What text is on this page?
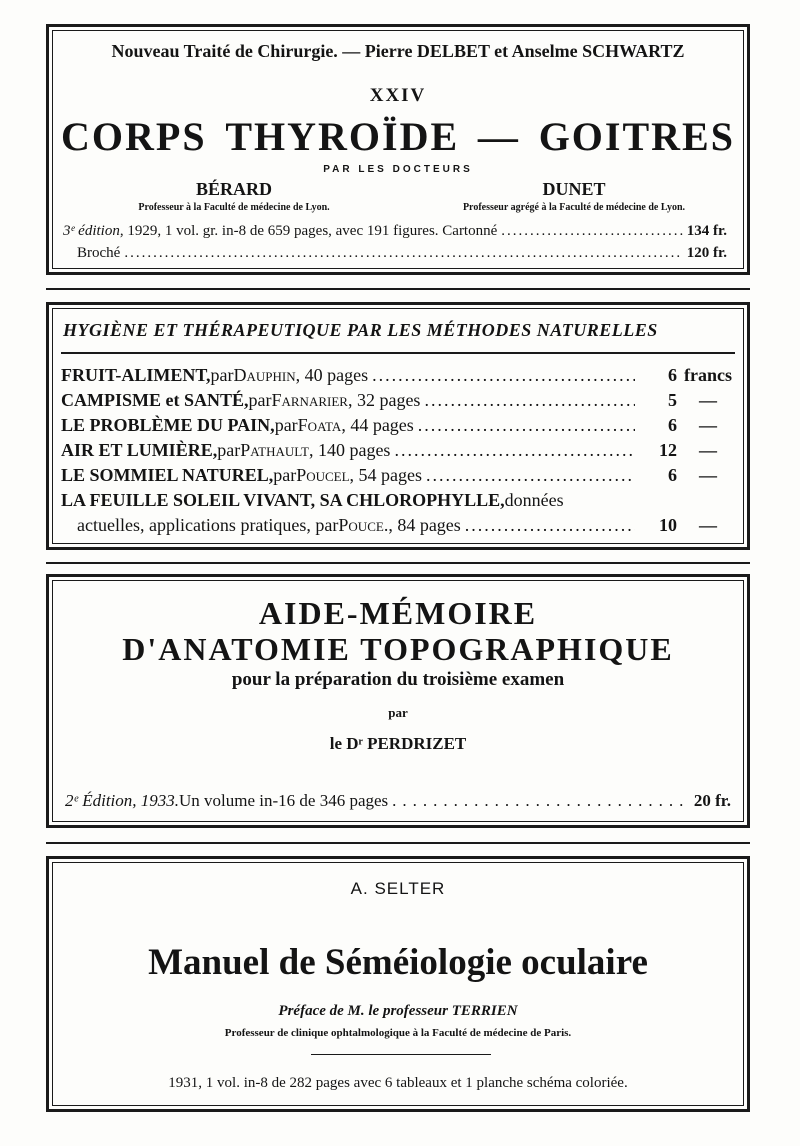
Nouveau Traité de Chirurgie. — Pierre DELBET et Anselme SCHWARTZ
XXIV
CORPS THYROÏDE — GOITRES
PAR LES DOCTEURS
BÉRARD
Professeur à la Faculté de médecine de Lyon.
DUNET
Professeur agrégé à la Faculté de médecine de Lyon.
3ᵉ édition , 1929, 1 vol. gr. in-8 de 659 pages, avec 191 figures. Cartonné .....	134 fr.
Broché .....	120 fr.
HYGIÈNE ET THÉRAPEUTIQUE PAR LES MÉTHODES NATURELLES
FRUIT-ALIMENT, par Dauphin , 40 pages .....	6 francs
CAMPISME et SANTÉ, par Farnarier , 32 pages .....	5	—
LE PROBLÈME DU PAIN, par Foata , 44 pages .....	6	—
AIR ET LUMIÈRE, par Pathault , 140 pages .....	12	—
LE SOMMIEL NATUREL, par Poucel , 54 pages .....	6	—
LA FEUILLE SOLEIL VIVANT, SA CHLOROPHYLLE, données
actuelles, applications pratiques, par Pouce ., 84 pages .....	10	—
AIDE-MÉMOIRE
D'ANATOMIE TOPOGRAPHIQUE
pour la préparation du troisième examen
par
le Dʳ PERDRIZET
2ᵉ Édition, 1933. Un volume in-16 de 346 pages .....	20 fr.
A. SELTER
Manuel de Séméiologie oculaire
Préface de M. le professeur TERRIEN
Professeur de clinique ophtalmologique à la Faculté de médecine de Paris.
1931, 1 vol. in-8 de 282 pages avec 6 tableaux et 1 planche schéma coloriée.
